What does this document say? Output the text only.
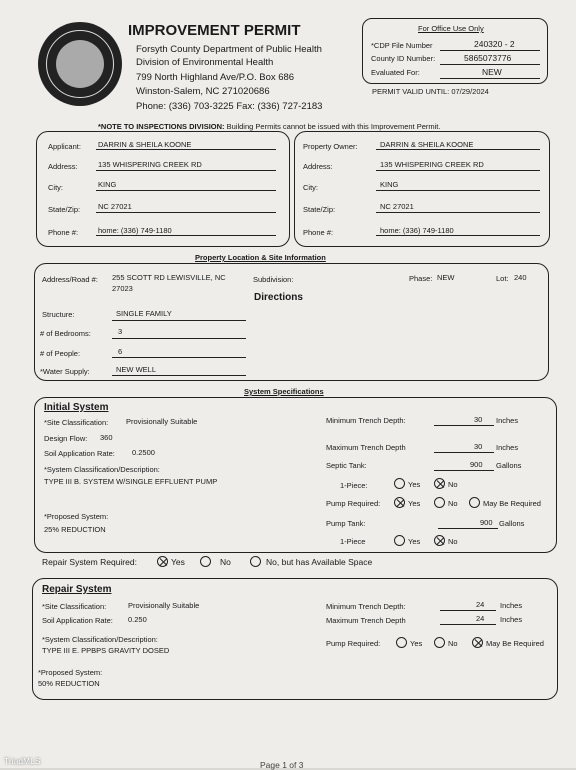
IMPROVEMENT PERMIT
Forsyth County Department of Public Health
Division of Environmental Health
799 North Highland Ave/P.O. Box 686
Winston-Salem, NC 271020686
Phone: (336) 703-3225 Fax: (336) 727-2183
For Office Use Only
*CDP File Number	240320 - 2
County ID Number:	5865073776
Evaluated For:	NEW
PERMIT VALID UNTIL: 07/29/2024
*NOTE TO INSPECTIONS DIVISION: Building Permits cannot be issued with this Improvement Permit.
Applicant: DARRIN & SHEILA KOONE
Address:	135 WHISPERING CREEK RD
City:	KING
State/Zip: NC 27021
Phone #:	home: (336) 749-1180
Property Owner:	DARRIN & SHEILA KOONE
Address:	135 WHISPERING CREEK RD
City:	KING
State/Zip:	NC 27021
Phone #:	home: (336) 749-1180
Property Location & Site Information
Address/Road #: 255 SCOTT RD LEWISVILLE, NC
27023
Subdivision:	Phase: NEW	Lot: 240
Directions
Structure:	SINGLE FAMILY
# of Bedrooms:	3
# of People:	6
*Water Supply:	NEW WELL
System Specifications
Initial System
*Site Classification: Provisionally Suitable
Design Flow: 360
Soil Application Rate: 0.2500
*System Classification/Description:
TYPE III B. SYSTEM W/SINGLE EFFLUENT PUMP
*Proposed System:
25% REDUCTION
Minimum Trench Depth:	30 Inches
Maximum Trench Depth	30 Inches
Septic Tank:	900 Gallons
1-Piece:	Yes	No
Pump Required:	Yes	No	May Be Required
Pump Tank:	900 Gallons
1-Piece	Yes	No
Repair System Required:	Yes	No	No, but has Available Space
Repair System
*Site Classification:	Provisionally Suitable
Soil Application Rate: 0.250
*System Classification/Description:
TYPE III E. PPBPS GRAVITY DOSED
*Proposed System:
50% REDUCTION
Minimum Trench Depth:	24 Inches
Maximum Trench Depth	24 Inches
Pump Required:	Yes	No	May Be Required
TriadMLS	Page 1 of 3
